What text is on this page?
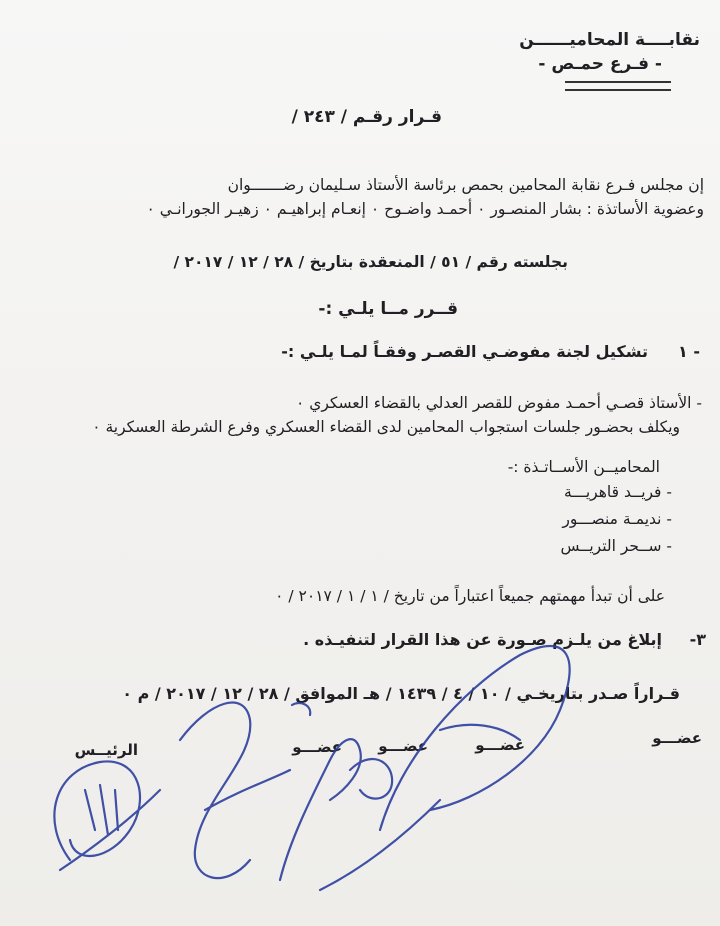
نقابــــة المحاميــــــن
- فـرع حمـص -
قـرار رقـم / ٢٤٣ /
إن مجلس فـرع نقابة المحامين بحمص برئاسة الأستاذ سـليمان رضـــــــوان
وعضوية الأساتذة : بشار المنصـور ٠ أحمـد واضـوح ٠ إنعـام إبراهيـم ٠ زهيـر الجورانـي ٠
بجلسته رقم / ٥١ / المنعقدة بتاريخ / ٢٨ / ١٢ / ٢٠١٧ /
قــرر مــا يلـي :-
١ -
تشكيل لجنة مفوضـي القصـر وفقـاً لمـا يلـي :-
- الأستاذ قصـي أحمـد مفوض للقصر العدلي بالقضاء العسكري ٠
ويكلف بحضـور جلسات استجواب المحامين لدى القضاء العسكري وفرع الشرطة العسكرية ٠
المحاميــن الأســاتـذة :-
- فريــد قاهريـــة
- نديمـة منصـــور
- ســحر التريــس
على أن تبدأ مهمتهم جميعاً اعتباراً من تاريخ / ١ / ١ / ٢٠١٧ / ٠
-٣
إبلاغ من يلـزم صـورة عن هذا القرار لتنفيـذه .
قـراراً صـدر بتاريخـي / ١٠ / ٤ / ١٤٣٩ / هـ الموافق / ٢٨ / ١٢ / ٢٠١٧ / م ٠
عضـــو
عضـــو
عضـــو
عضـــو
الرئيــس
